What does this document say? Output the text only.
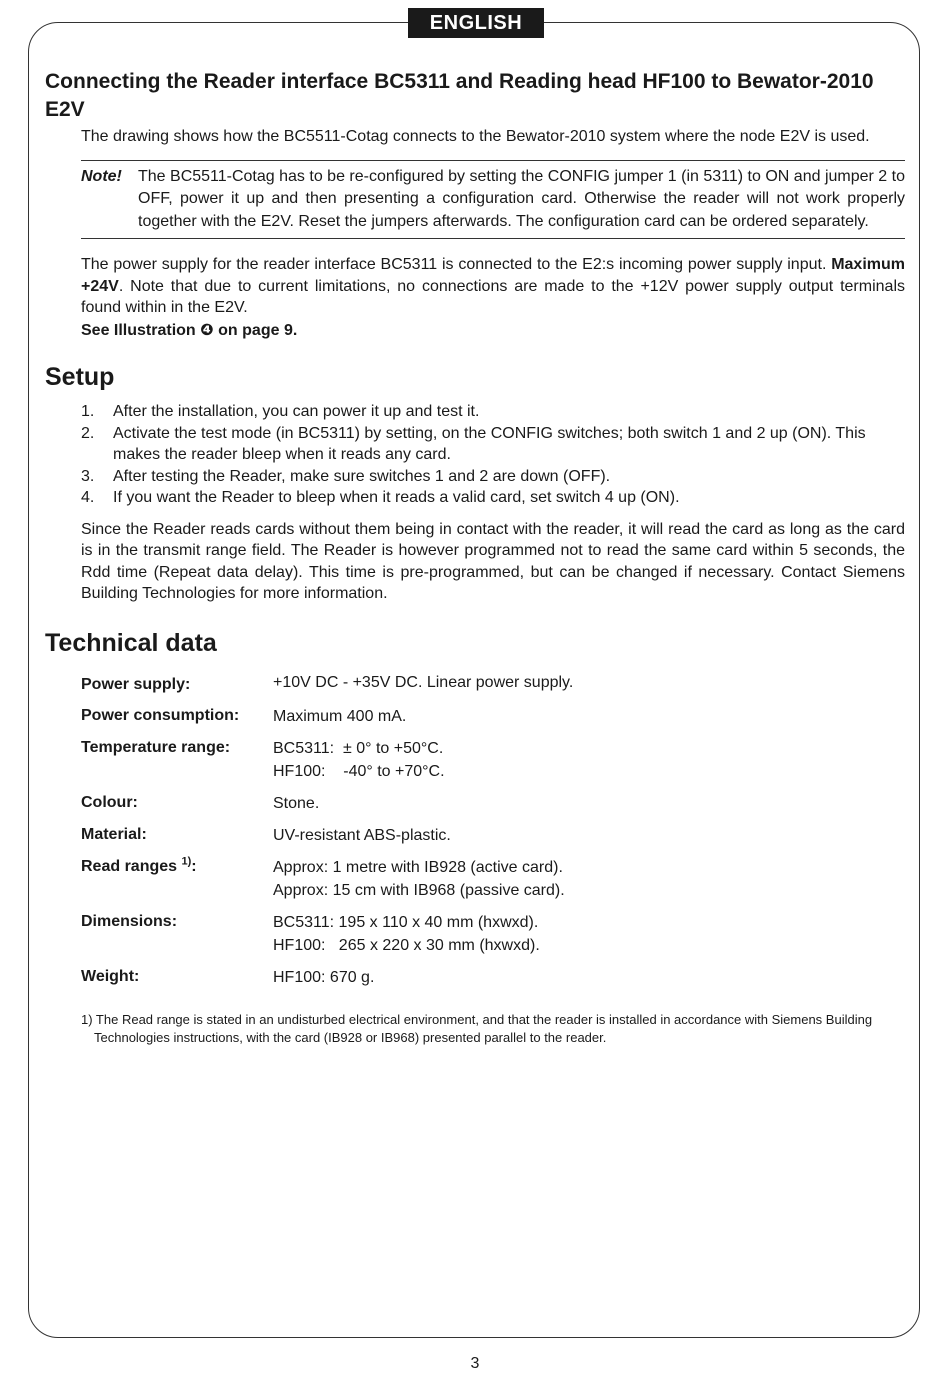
ENGLISH
Connecting the Reader interface BC5311 and Reading head HF100 to Bewator-2010 E2V

The drawing shows how the BC5511-Cotag connects to the Bewator-2010 system where the node E2V is used.

Note!	The BC5511-Cotag has to be re-configured by setting the CONFIG jumper 1 (in 5311) to ON and jumper 2 to OFF, power it up and then presenting a configuration card. Otherwise the reader will not work properly together with the E2V. Reset the jumpers afterwards. The configuration card can be ordered separately.

The power supply for the reader interface BC5311 is connected to the E2:s incoming power supply input. Maximum +24V. Note that due to current limitations, no connections are made to the +12V power supply output terminals found within in the E2V.

See Illustration ❹ on page 9.

Setup
1.	After the installation, you can power it up and test it.
2.	Activate the test mode (in BC5311) by setting, on the CONFIG switches; both switch 1 and 2 up (ON). This makes the reader bleep when it reads any card.
3.	After testing the Reader, make sure switches 1 and 2 are down (OFF).
4.	If you want the Reader to bleep when it reads a valid card, set switch 4 up (ON).

Since the Reader reads cards without them being in contact with the reader, it will read the card as long as the card is in the transmit range field. The Reader is however programmed not to read the same card within 5 seconds, the Rdd time (Repeat data delay). This time is pre-programmed, but can be changed if necessary. Contact Siemens Building Technologies for more information.

Technical data
Power supply:	+10V DC - +35V DC. Linear power supply.
Power consumption:	Maximum 400 mA.
Temperature range:	BC5311:  ± 0° to +50°C.
HF100:    -40° to +70°C.
Colour:	Stone.
Material:	UV-resistant ABS-plastic.
Read ranges $^{1)}$:	Approx: 1 metre with IB928 (active card).
Approx: 15 cm with IB968 (passive card).
Dimensions:	BC5311: 195 x 110 x 40 mm (hxwxd).
HF100:   265 x 220 x 30 mm (hxwxd).
Weight:	HF100: 670 g.
1) The Read range is stated in an undisturbed electrical environment, and that the reader is installed in accordance with Siemens Building
Technologies instructions, with the card (IB928 or IB968) presented parallel to the reader.
3
